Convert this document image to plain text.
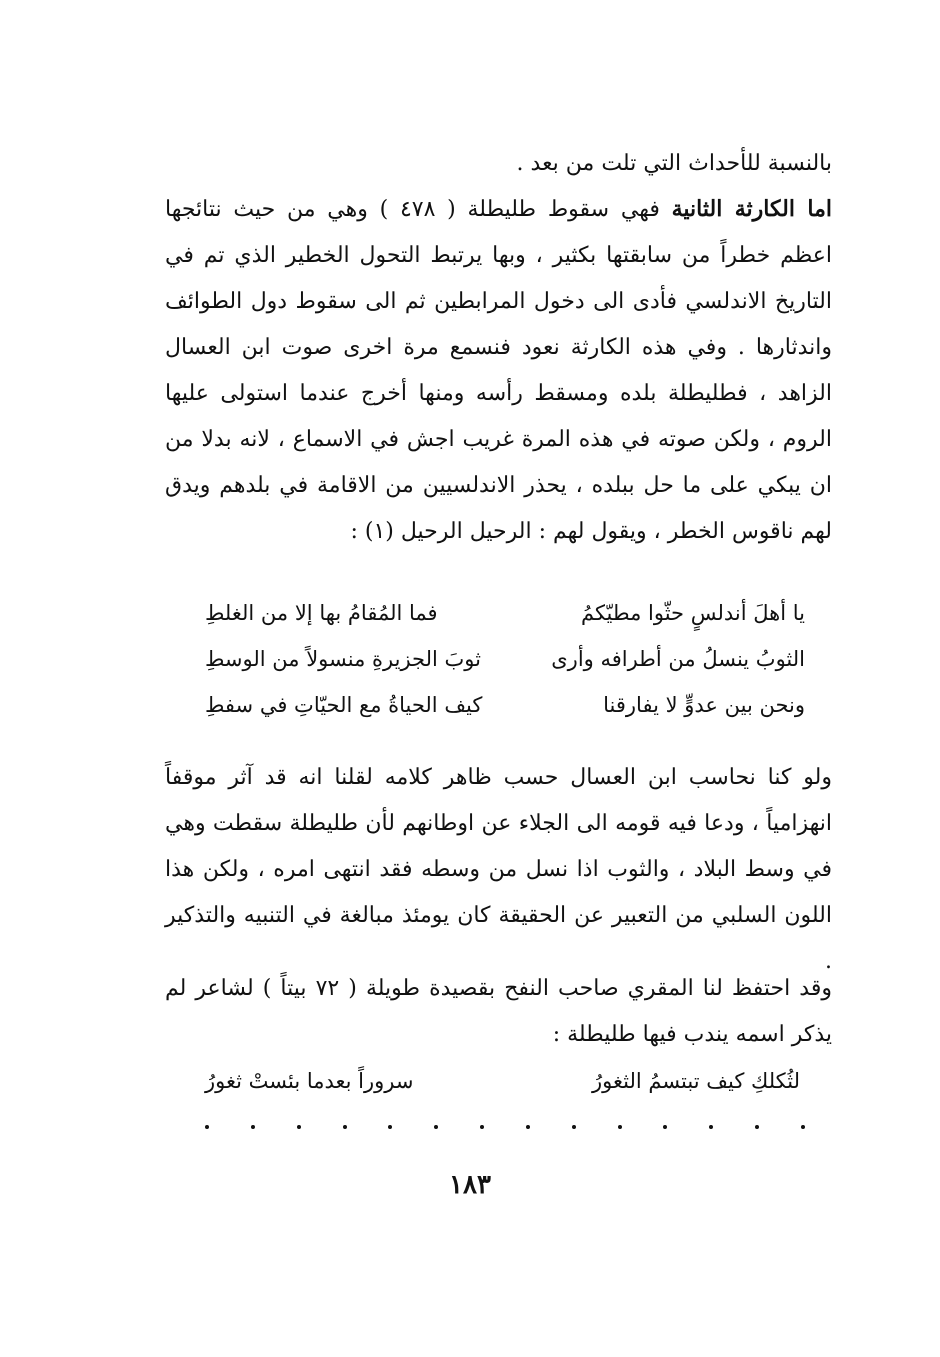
بالنسبة للأحداث التي تلت من بعد .
اما الكارثة الثانية فهي سقوط طليطلة ( ٤٧٨ ) وهي من حيث نتائجها اعظم خطراً من سابقتها بكثير ، وبها يرتبط التحول الخطير الذي تم في التاريخ الاندلسي فأدى الى دخول المرابطين ثم الى سقوط دول الطوائف واندثارها . وفي هذه الكارثة نعود فنسمع مرة اخرى صوت ابن العسال الزاهد ، فطليطلة بلده ومسقط رأسه ومنها أخرج عندما استولى عليها الروم ، ولكن صوته في هذه المرة غريب اجش في الاسماع ، لانه بدلا من ان يبكي على ما حل ببلده ، يحذر الاندلسيين من الاقامة في بلدهم ويدق لهم ناقوس الخطر ، ويقول لهم : الرحيل الرحيل (١) :
يا أهلَ أندلسٍ حثّوا مطيّكمُ
فما المُقامُ بها إلا من الغلطِ
الثوبُ ينسلُ من أطرافه وأرى
ثوبَ الجزيرةِ منسولاً من الوسطِ
ونحن بين عدوٍّ لا يفارقنا
كيف الحياةُ مع الحيّاتِ في سفطِ
ولو كنا نحاسب ابن العسال حسب ظاهر كلامه لقلنا انه قد آثر موقفاً انهزامياً ، ودعا فيه قومه الى الجلاء عن اوطانهم لأن طليطلة سقطت وهي في وسط البلاد ، والثوب اذا نسل من وسطه فقد انتهى امره ، ولكن هذا اللون السلبي من التعبير عن الحقيقة كان يومئذ مبالغة في التنبيه والتذكير .
وقد احتفظ لنا المقري صاحب النفح بقصيدة طويلة ( ٧٢ بيتاً ) لشاعر لم يذكر اسمه يندب فيها طليطلة :
لثُكلكِ كيف تبتسمُ الثغورُ
سروراً بعدما بئستْ ثغورُ
١٨٣
